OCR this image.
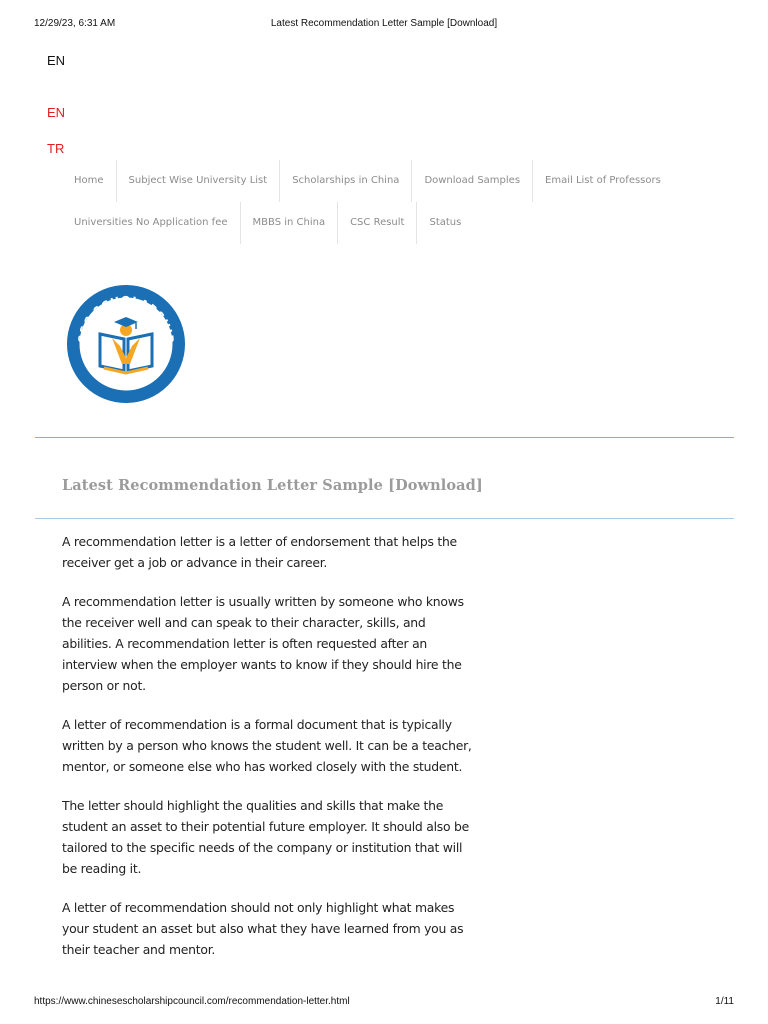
12/29/23, 6:31 AM	Latest Recommendation Letter Sample [Download]
EN
EN
TR
Home	Subject Wise University List	Scholarships in China	Download Samples	Email List of Professors
Universities No Application fee	MBBS in China	CSC Result	Status
CSC SCHOLARSHIP
A WAY TO YOUR DREAMS
Latest Recommendation Letter Sample [Download]

A recommendation letter is a letter of endorsement that helps the
receiver get a job or advance in their career.

A recommendation letter is usually written by someone who knows
the receiver well and can speak to their character, skills, and
abilities. A recommendation letter is often requested after an
interview when the employer wants to know if they should hire the
person or not.

A letter of recommendation is a formal document that is typically
written by a person who knows the student well. It can be a teacher,
mentor, or someone else who has worked closely with the student.

The letter should highlight the qualities and skills that make the
student an asset to their potential future employer. It should also be
tailored to the specific needs of the company or institution that will
be reading it.

A letter of recommendation should not only highlight what makes
your student an asset but also what they have learned from you as
their teacher and mentor.

https://www.chinesescholarshipcouncil.com/recommendation-letter.html	1/11
